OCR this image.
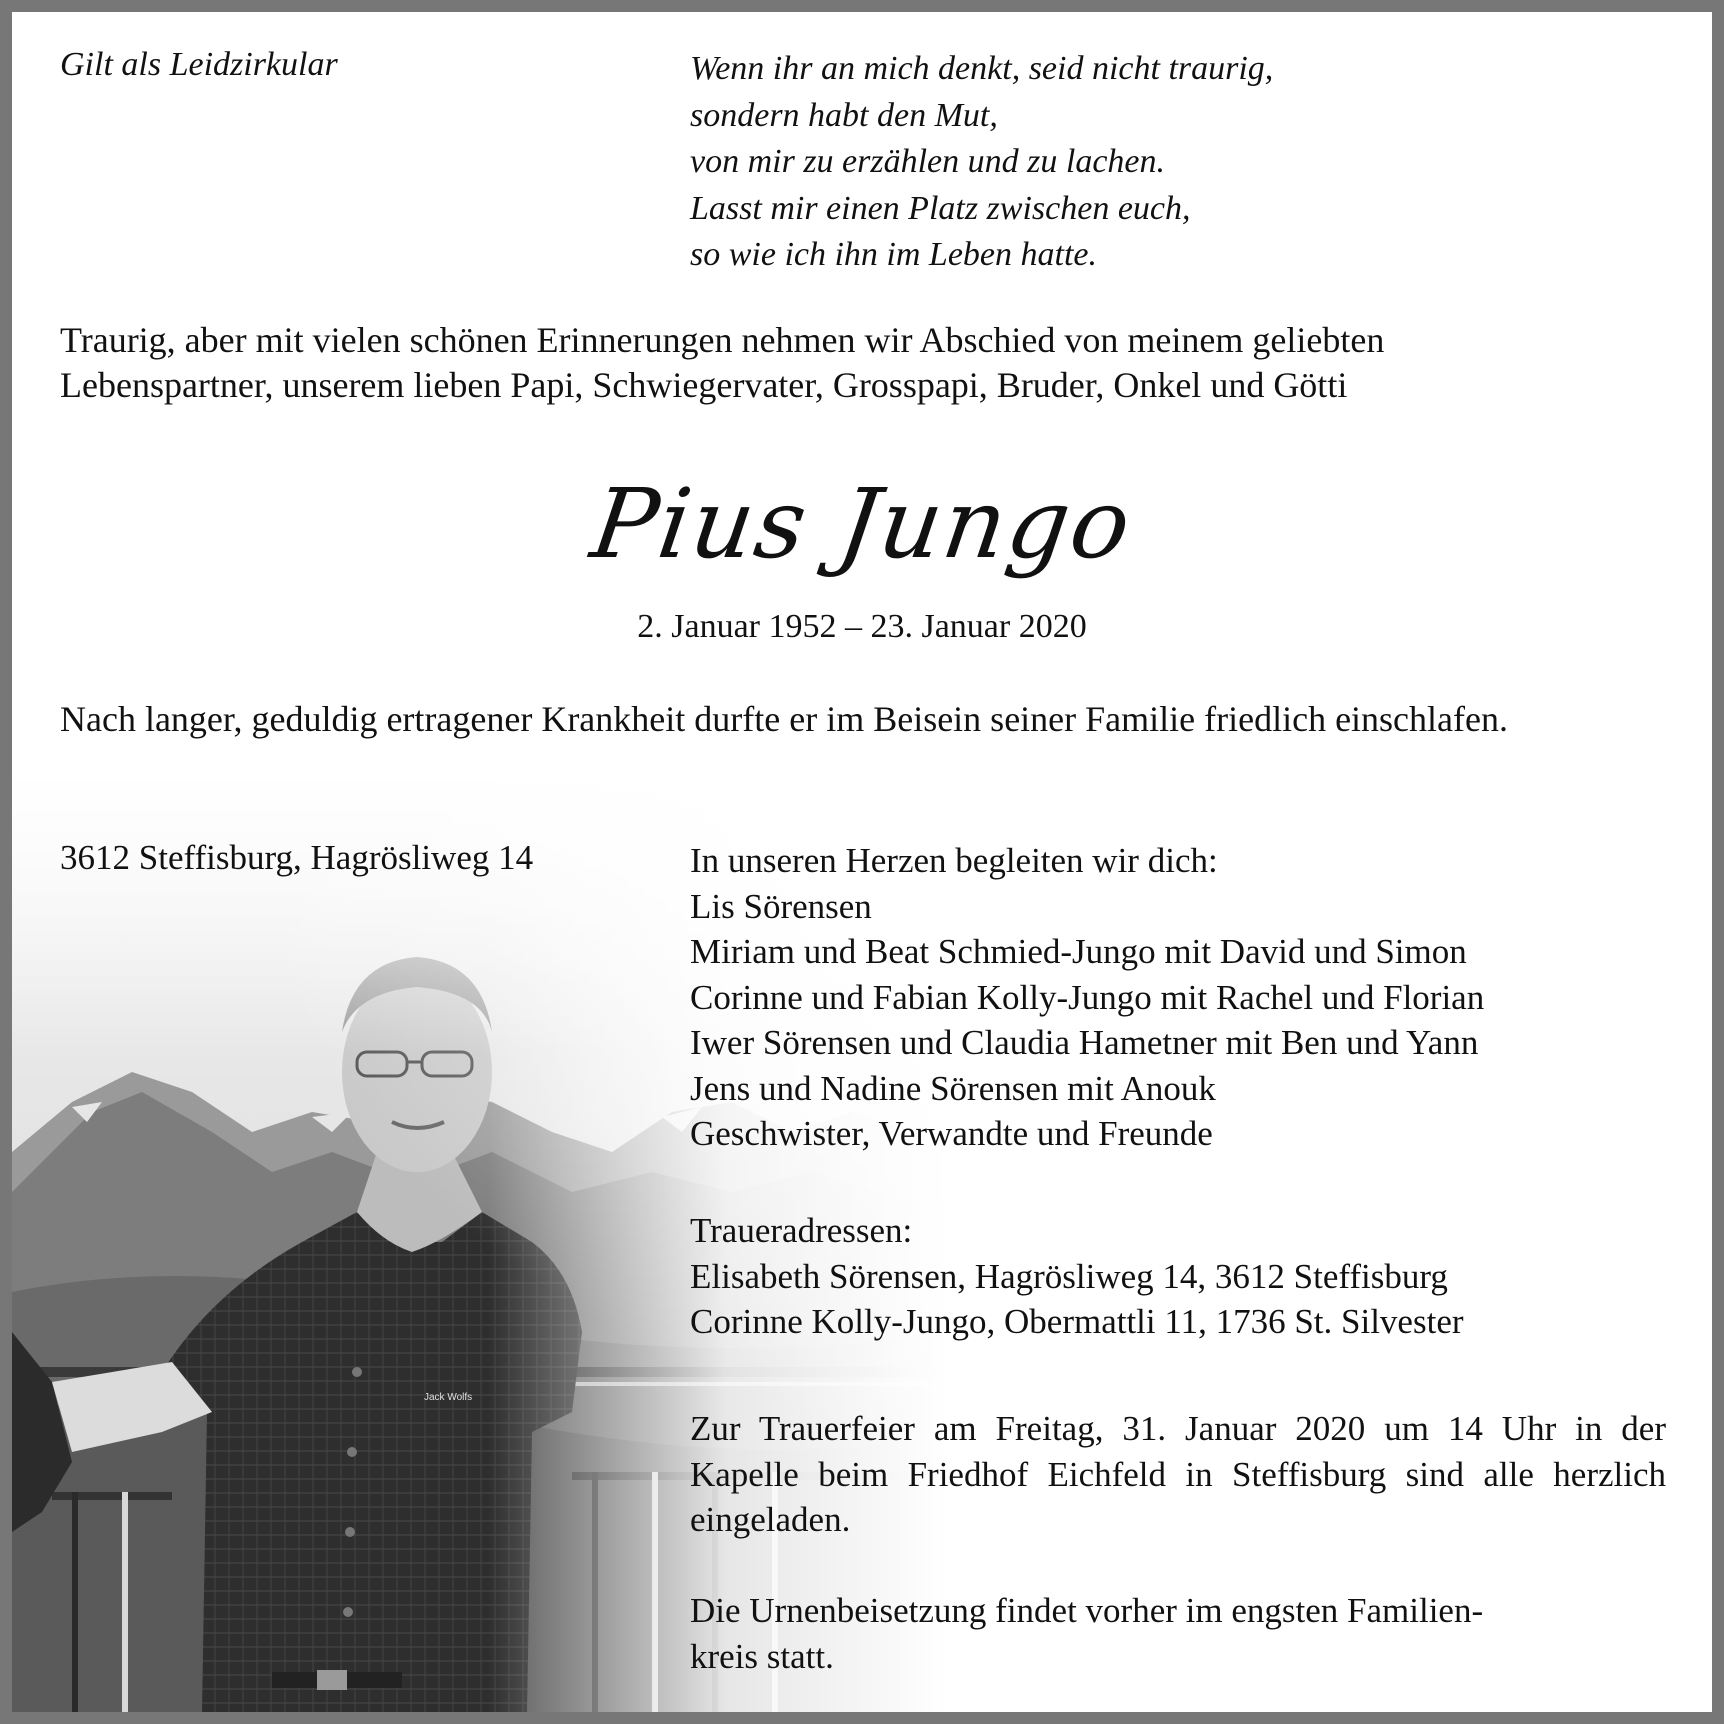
Gilt als Leidzirkular	Wenn ihr an mich denkt, seid nicht traurig,
sondern habt den Mut,
von mir zu erzählen und zu lachen.
Lasst mir einen Platz zwischen euch,
so wie ich ihn im Leben hatte.
Traurig, aber mit vielen schönen Erinnerungen nehmen wir Abschied von meinem geliebten
Lebenspartner, unserem lieben Papi, Schwiegervater, Grosspapi, Bruder, Onkel und Götti
Pius Jungo
2. Januar 1952 – 23. Januar 2020
Nach langer, geduldig ertragener Krankheit durfte er im Beisein seiner Familie friedlich einschlafen.
3612 Steffisburg, Hagrösliweg 14	In unseren Herzen begleiten wir dich:
Lis Sörensen
Miriam und Beat Schmied-Jungo mit David und Simon
Corinne und Fabian Kolly-Jungo mit Rachel und Florian
Iwer Sörensen und Claudia Hametner mit Ben und Yann
Jens und Nadine Sörensen mit Anouk
Geschwister, Verwandte und Freunde
Traueradressen:
Elisabeth Sörensen, Hagrösliweg 14, 3612 Steffisburg
Corinne Kolly-Jungo, Obermattli 11, 1736 St. Silvester
Zur Trauerfeier am Freitag, 31. Januar 2020 um 14 Uhr in der Kapelle beim Friedhof Eichfeld in Steffisburg sind alle herzlich eingeladen.
Die Urnenbeisetzung findet vorher im engsten Familien-
kreis statt.
